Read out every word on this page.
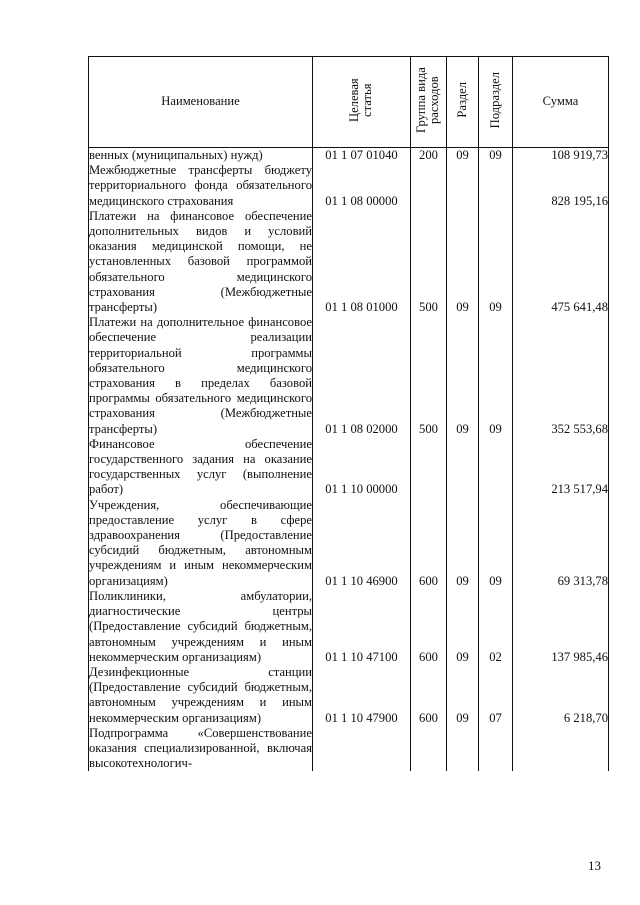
Наименование	Целевая статья	Группа вида расходов	Раздел	Подраздел	Сумма
венных (муниципальных) нужд)	01 1 07 01040	200	09	09	108 919,73
Межбюджетные трансферты бюджету территориального фонда обязательного медицинского страхования	01 1 08 00000				828 195,16
Платежи на финансовое обеспечение дополнительных видов и условий оказания медицинской помощи, не установленных базовой программой обязательного медицинского страхования (Межбюджетные трансферты)	01 1 08 01000	500	09	09	475 641,48
Платежи на дополнительное финансовое обеспечение реализации территориальной программы обязательного медицинского страхования в пределах базовой программы обязательного медицинского страхования (Межбюджетные трансферты)	01 1 08 02000	500	09	09	352 553,68
Финансовое обеспечение государственного задания на оказание государственных услуг (выполнение работ)	01 1 10 00000				213 517,94
Учреждения, обеспечивающие предоставление услуг в сфере здравоохранения (Предоставление субсидий бюджетным, автономным учреждениям и иным некоммерческим организациям)	01 1 10 46900	600	09	09	69 313,78
Поликлиники, амбулатории, диагностические центры (Предоставление субсидий бюджетным, автономным учреждениям и иным некоммерческим организациям)	01 1 10 47100	600	09	02	137 985,46
Дезинфекционные станции (Предоставление субсидий бюджетным, автономным учреждениям и иным некоммерческим организациям)	01 1 10 47900	600	09	07	6 218,70
Подпрограмма «Совершенствование оказания специализированной, включая высокотехнологич-					
13
